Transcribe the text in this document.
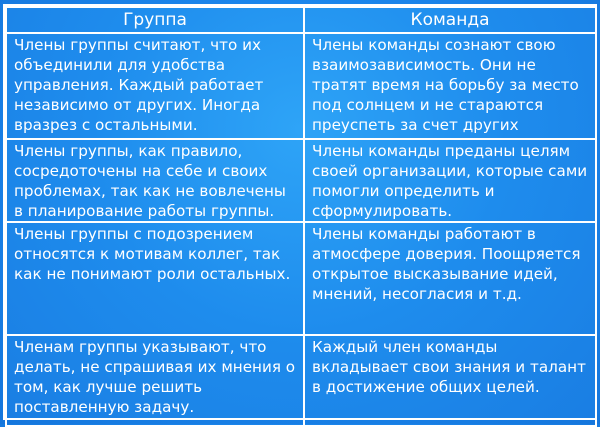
Группа	Команда

Члены группы считают, что их объединили для удобства управления. Каждый работает независимо от других. Иногда вразрез с остальными.	Члены команды сознают свою взаимозависимость. Они не тратят время на борьбу за место под солнцем и не стараются преуспеть за счет других

Члены группы, как правило, сосредоточены на себе и своих проблемах, так как не вовлечены в планирование работы группы.	Члены команды преданы целям своей организации, которые сами помогли определить и сформулировать.

Члены группы с подозрением относятся к мотивам коллег, так как не понимают роли остальных.	Члены команды работают в атмосфере доверия. Поощряется открытое высказывание идей, мнений, несогласия и т.д.

Членам группы указывают, что делать, не спрашивая их мнения о том, как лучше решить поставленную задачу.	Каждый член команды вкладывает свои знания и талант в достижение общих целей.
